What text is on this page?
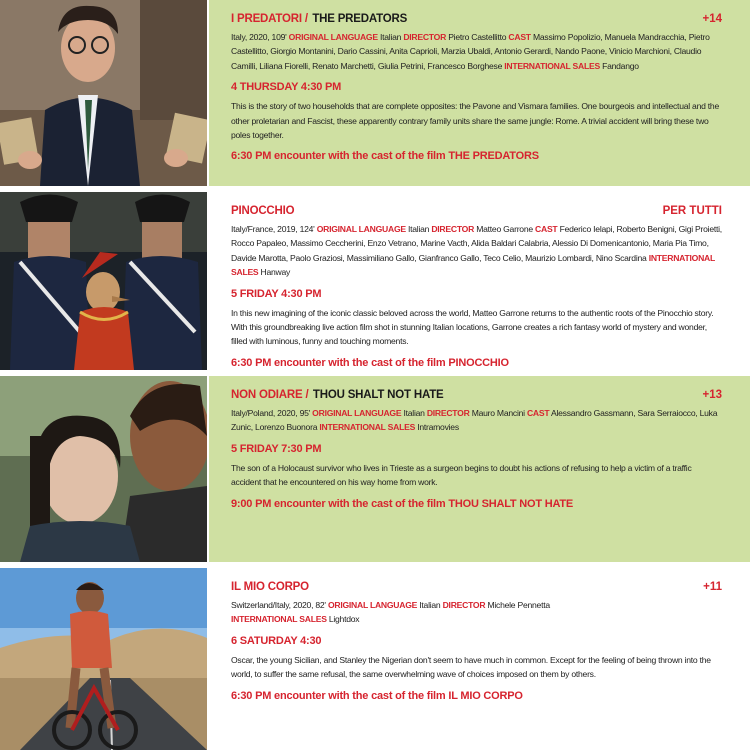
I PREDATORI / THE PREDATORS	+14
Italy, 2020, 109' ORIGINAL LANGUAGE Italian DIRECTOR Pietro Castellitto CAST Massimo Popolizio, Manuela Mandracchia, Pietro Castellitto, Giorgio Montanini, Dario Cassini, Anita Caprioli, Marzia Ubaldi, Antonio Gerardi, Nando Paone, Vinicio Marchioni, Claudio Camilli, Liliana Fiorelli, Renato Marchetti, Giulia Petrini, Francesco Borghese INTERNATIONAL SALES Fandango
4 THURSDAY 4:30 PM
This is the story of two households that are complete opposites: the Pavone and Vismara families. One bourgeois and intellectual and the other proletarian and Fascist, these apparently contrary family units share the same jungle: Rome. A trivial accident will bring these two poles together.
6:30 PM encounter with the cast of the film THE PREDATORS
PINOCCHIO	PER TUTTI
Italy/France, 2019, 124' ORIGINAL LANGUAGE Italian DIRECTOR Matteo Garrone CAST Federico Ielapi, Roberto Benigni, Gigi Proietti, Rocco Papaleo, Massimo Ceccherini, Enzo Vetrano, Marine Vacth, Alida Baldari Calabria, Alessio Di Domenicantonio, Maria Pia Timo, Davide Marotta, Paolo Graziosi, Massimiliano Gallo, Gianfranco Gallo, Teco Celio, Maurizio Lombardi, Nino Scardina INTERNATIONAL SALES Hanway
5 FRIDAY 4:30 PM
In this new imagining of the iconic classic beloved across the world, Matteo Garrone returns to the authentic roots of the Pinocchio story. With this groundbreaking live action film shot in stunning Italian locations, Garrone creates a rich fantasy world of mystery and wonder, filled with luminous, funny and touching moments.
6:30 PM encounter with the cast of the film PINOCCHIO
NON ODIARE / THOU SHALT NOT HATE	+13
Italy/Poland, 2020, 95' ORIGINAL LANGUAGE Italian DIRECTOR Mauro Mancini CAST Alessandro Gassmann, Sara Serraiocco, Luka Zunic, Lorenzo Buonora INTERNATIONAL SALES Intramovies
5 FRIDAY 7:30 PM
The son of a Holocaust survivor who lives in Trieste as a surgeon begins to doubt his actions of refusing to help a victim of a traffic accident that he encountered on his way home from work.
9:00 PM encounter with the cast of the film THOU SHALT NOT HATE
IL MIO CORPO	+11
Switzerland/Italy, 2020, 82' ORIGINAL LANGUAGE Italian DIRECTOR Michele Pennetta
INTERNATIONAL SALES Lightdox
6 SATURDAY 4:30
Oscar, the young Sicilian, and Stanley the Nigerian don't seem to have much in common. Except for the feeling of being thrown into the world, to suffer the same refusal, the same overwhelming wave of choices imposed on them by others.
6:30 PM encounter with the cast of the film IL MIO CORPO
